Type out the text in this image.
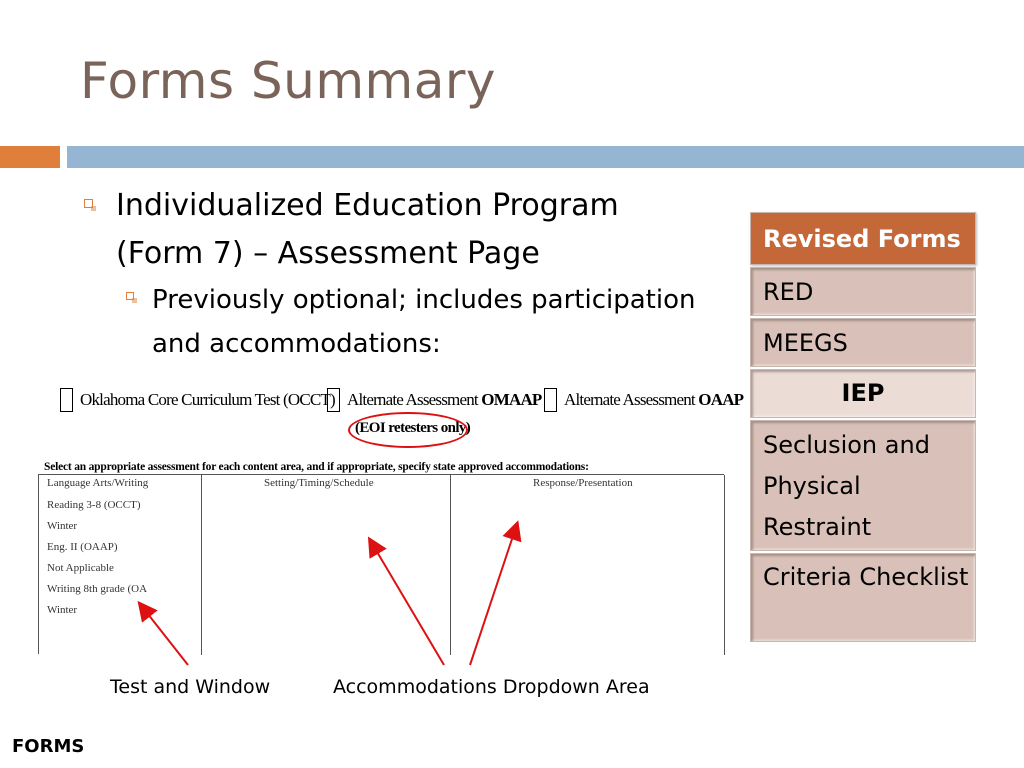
Forms Summary
Individualized Education Program (Form 7) – Assessment Page
Previously optional; includes participation and accommodations:
Oklahoma Core Curriculum Test (OCCT) Alternate Assessment OMAAP Alternate Assessment OAAP
(EOI retesters only)
Select an appropriate assessment for each content area, and if appropriate, specify state approved accommodations:
Language Arts/Writing
Reading 3-8 (OCCT)
Winter
Eng. II (OAAP)
Not Applicable
Writing 8th grade (OA
Winter
Setting/Timing/Schedule	Response/Presentation
Test and Window	Accommodations Dropdown Area
Revised Forms
RED
MEEGS
IEP
Seclusion and Physical Restraint
Criteria Checklist
FORMS
